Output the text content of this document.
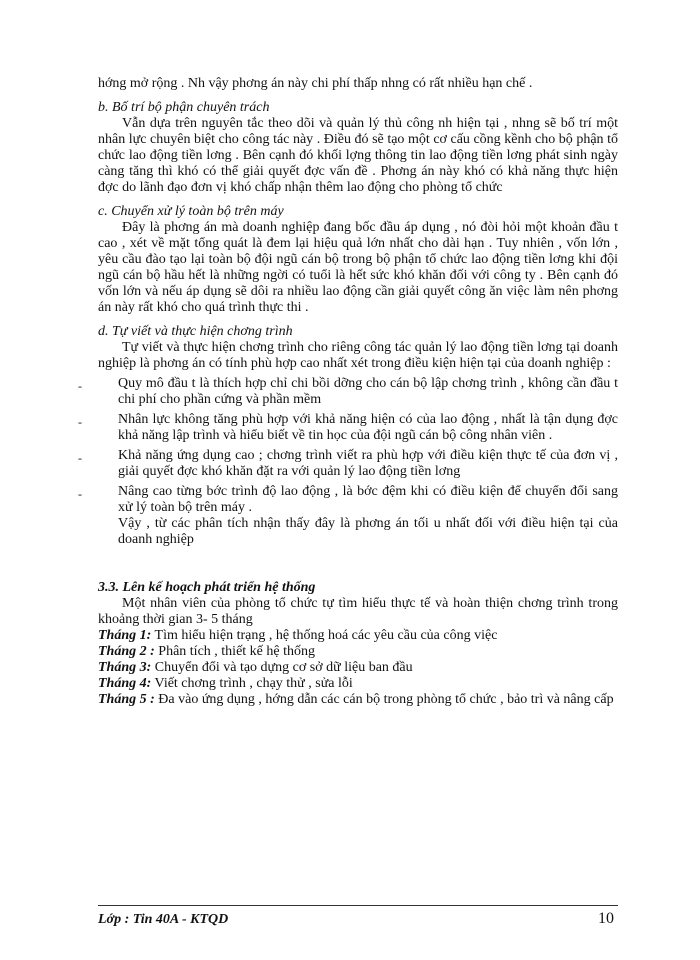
hớng mở rộng . Nh vậy phơng án này chi phí thấp nhng có rất nhiều hạn chế .

b. Bố trí bộ phận chuyên trách

Vẫn dựa trên nguyên tắc theo dõi và quản lý thủ công nh hiện tại , nhng sẽ bố trí một nhân lực chuyên biệt cho công tác này . Điều đó sẽ tạo một cơ cấu cồng kềnh cho bộ phận tổ chức lao động tiền lơng . Bên cạnh đó khối lợng thông tin lao động tiền lơng phát sinh ngày càng tăng thì khó có thể giải quyết đợc vấn đề . Phơng án này khó có khả năng thực hiện đợc do lãnh đạo đơn vị khó chấp nhận thêm lao động cho phòng tổ chức

c. Chuyển xử lý toàn bộ trên máy

Đây là phơng án mà doanh nghiệp đang bốc đầu áp dụng , nó đòi hỏi một khoản đầu t cao , xét về mặt tổng quát là đem lại hiệu quả lớn nhất cho dài hạn . Tuy nhiên , vốn lớn , yêu cầu đào tạo lại toàn bộ đội ngũ cán bộ trong bộ phận tổ chức lao động tiền lơng khi đội ngũ cán bộ hầu hết là những ngời có tuổi là hết sức khó khăn đối với công ty . Bên cạnh đó vốn lớn và nếu áp dụng sẽ dôi ra nhiều lao động cần giải quyết công ăn việc làm nên phơng án này rất khó cho quá trình thực thi .

d. Tự viết và thực hiện chơng trình

Tự viết và thực hiện chơng trình cho riêng công tác quản lý lao động tiền lơng tại doanh nghiệp là phơng án có tính phù hợp cao nhất xét trong điều kiện hiện tại của doanh nghiệp :

-	Quy mô đầu t là thích hợp chỉ chi bồi dỡng cho cán bộ lập chơng trình , không cần đầu t chi phí cho phần cứng và phần mềm

-	Nhân lực không tăng phù hợp với khả năng hiện có của lao động , nhất là tận dụng đợc khả năng lập trình và hiểu biết về tin học của đội ngũ cán bộ công nhân viên .

-	Khả năng ứng dụng cao ; chơng trình viết ra phù hợp với điều kiện thực tế của đơn vị , giải quyết đợc khó khăn đặt ra với quản lý lao động tiền lơng

-	Nâng cao từng bớc trình độ lao động , là bớc đệm khi có điều kiện để chuyển đổi sang xử lý toàn bộ trên máy .

Vậy , từ các phân tích nhận thấy đây là phơng án tối u nhất đối với điều hiện tại của doanh nghiệp

3.3. Lên kế hoạch phát triển hệ thống

Một nhân viên của phòng tổ chức tự tìm hiểu thực tế và hoàn thiện chơng trình trong khoảng thời gian 3- 5 tháng

Tháng 1: Tìm hiểu hiện trạng , hệ thống hoá các yêu cầu của công việc

Tháng 2 : Phân tích , thiết kế hệ thống

Tháng 3: Chuyển đổi và tạo dựng cơ sở dữ liệu ban đầu

Tháng 4: Viết chơng trình , chạy thử , sửa lỗi

Tháng 5 : Đa vào ứng dụng , hớng dẫn các cán bộ trong phòng tổ chức , bảo trì và nâng cấp

Lớp : Tin 40A - KTQD	10
